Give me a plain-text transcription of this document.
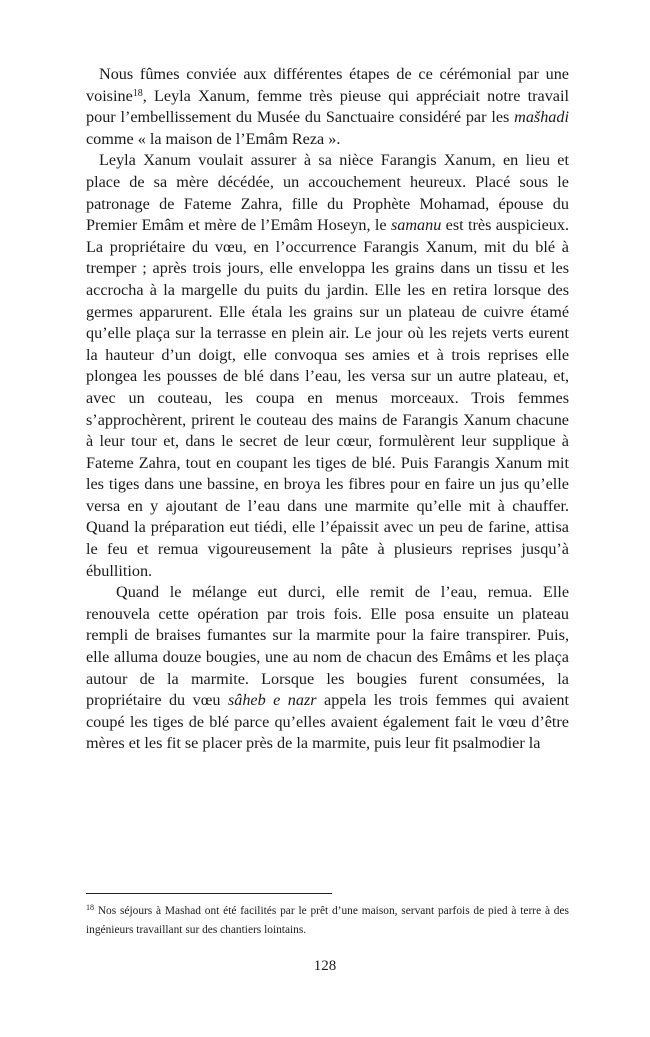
Nous fûmes conviée aux différentes étapes de ce cérémonial par une voisine$^{18}$, Leyla Xanum, femme très pieuse qui appréciait notre travail pour l’embellissement du Musée du Sanctuaire considéré par les mašhadi comme « la maison de l’Emâm Reza ».

Leyla Xanum voulait assurer à sa nièce Farangis Xanum, en lieu et place de sa mère décédée, un accouchement heureux. Placé sous le patronage de Fateme Zahra, fille du Prophète Mohamad, épouse du Premier Emâm et mère de l’Emâm Hoseyn, le samanu est très auspicieux. La propriétaire du vœu, en l’occurrence Farangis Xanum, mit du blé à tremper ; après trois jours, elle enveloppa les grains dans un tissu et les accrocha à la margelle du puits du jardin. Elle les en retira lorsque des germes apparurent. Elle étala les grains sur un plateau de cuivre étamé qu’elle plaça sur la terrasse en plein air. Le jour où les rejets verts eurent la hauteur d’un doigt, elle convoqua ses amies et à trois reprises elle plongea les pousses de blé dans l’eau, les versa sur un autre plateau, et, avec un couteau, les coupa en menus morceaux. Trois femmes s’approchèrent, prirent le couteau des mains de Farangis Xanum chacune à leur tour et, dans le secret de leur cœur, formulèrent leur supplique à Fateme Zahra, tout en coupant les tiges de blé. Puis Farangis Xanum mit les tiges dans une bassine, en broya les fibres pour en faire un jus qu’elle versa en y ajoutant de l’eau dans une marmite qu’elle mit à chauffer. Quand la préparation eut tiédi, elle l’épaissit avec un peu de farine, attisa le feu et remua vigoureusement la pâte à plusieurs reprises jusqu’à ébullition.

Quand le mélange eut durci, elle remit de l’eau, remua. Elle renouvela cette opération par trois fois. Elle posa ensuite un plateau rempli de braises fumantes sur la marmite pour la faire transpirer. Puis, elle alluma douze bougies, une au nom de chacun des Emâms et les plaça autour de la marmite. Lorsque les bougies furent consumées, la propriétaire du vœu sâheb e nazr appela les trois femmes qui avaient coupé les tiges de blé parce qu’elles avaient également fait le vœu d’être mères et les fit se placer près de la marmite, puis leur fit psalmodier la

$^{18}$ Nos séjours à Mashad ont été facilités par le prêt d’une maison, servant parfois de pied à terre à des ingénieurs travaillant sur des chantiers lointains.

128
